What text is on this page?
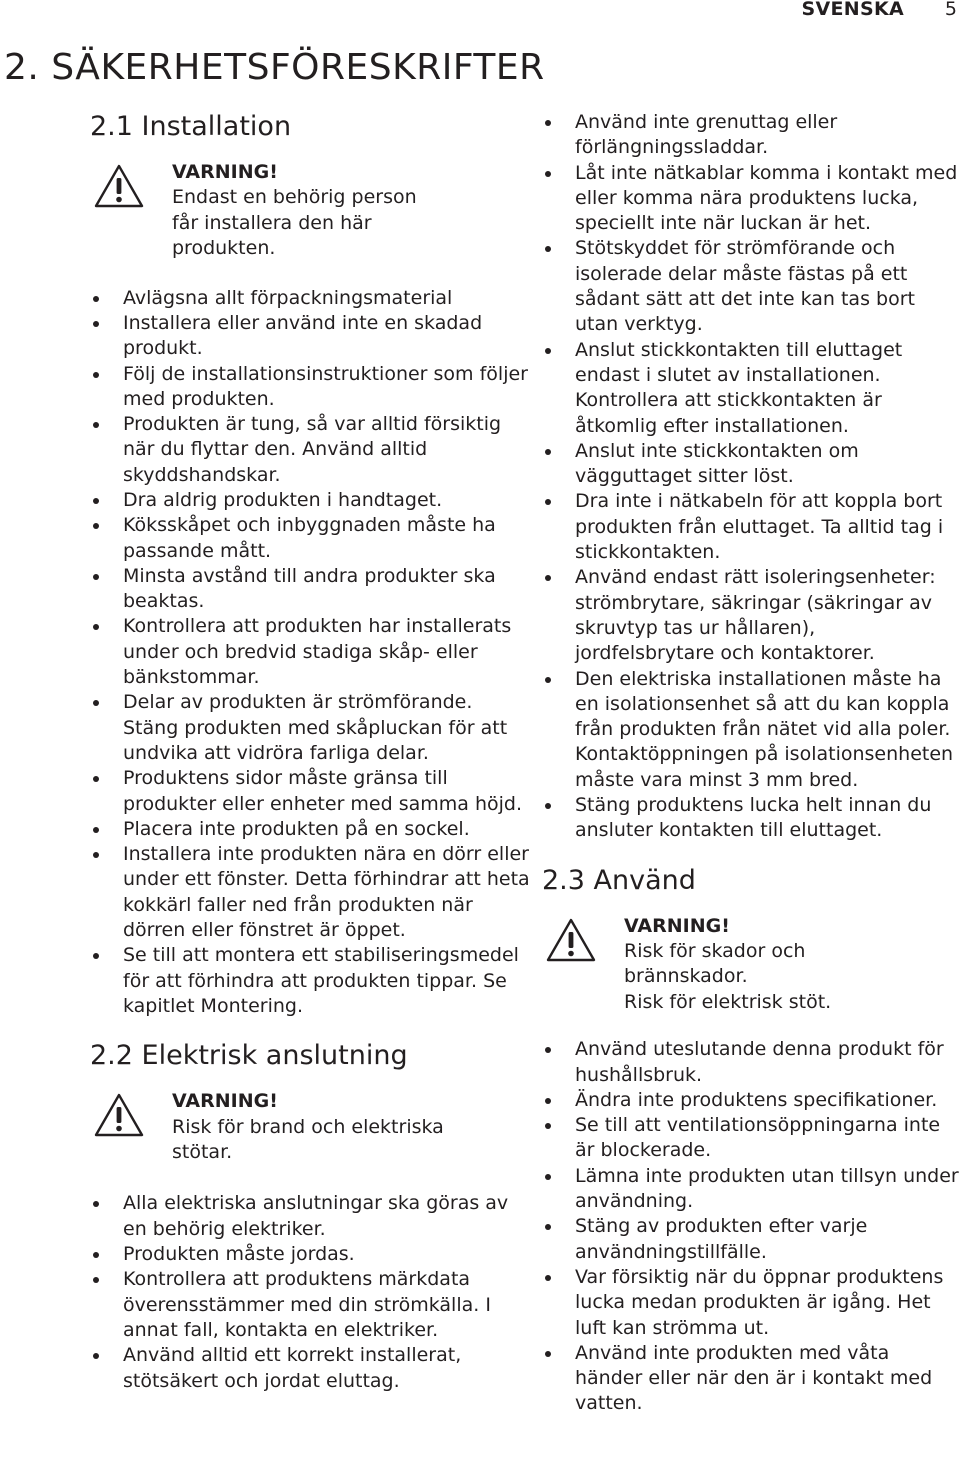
SVENSKA 5
2. SÄKERHETSFÖRESKRIFTER
2.1 Installation
VARNING!
Endast en behörig person
får installera den här
produkten.
Avlägsna allt förpackningsmaterial
Installera eller använd inte en skadad produkt.
Följ de installationsinstruktioner som följer med produkten.
Produkten är tung, så var alltid försiktig när du flyttar den. Använd alltid skyddshandskar.
Dra aldrig produkten i handtaget.
Köksskåpet och inbyggnaden måste ha passande mått.
Minsta avstånd till andra produkter ska beaktas.
Kontrollera att produkten har installerats under och bredvid stadiga skåp- eller bänkstommar.
Delar av produkten är strömförande. Stäng produkten med skåpluckan för att undvika att vidröra farliga delar.
Produktens sidor måste gränsa till produkter eller enheter med samma höjd.
Placera inte produkten på en sockel.
Installera inte produkten nära en dörr eller under ett fönster. Detta förhindrar att heta kokkärl faller ned från produkten när dörren eller fönstret är öppet.
Se till att montera ett stabiliseringsmedel för att förhindra att produkten tippar. Se kapitlet Montering.
2.2 Elektrisk anslutning
VARNING!
Risk för brand och elektriska
stötar.
Alla elektriska anslutningar ska göras av en behörig elektriker.
Produkten måste jordas.
Kontrollera att produktens märkdata överensstämmer med din strömkälla. I annat fall, kontakta en elektriker.
Använd alltid ett korrekt installerat, stötsäkert och jordat eluttag.
Använd inte grenuttag eller förlängningssladdar.
Låt inte nätkablar komma i kontakt med eller komma nära produktens lucka, speciellt inte när luckan är het.
Stötskyddet för strömförande och isolerade delar måste fästas på ett sådant sätt att det inte kan tas bort utan verktyg.
Anslut stickkontakten till eluttaget endast i slutet av installationen. Kontrollera att stickkontakten är åtkomlig efter installationen.
Anslut inte stickkontakten om vägguttaget sitter löst.
Dra inte i nätkabeln för att koppla bort produkten från eluttaget. Ta alltid tag i stickkontakten.
Använd endast rätt isoleringsenheter: strömbrytare, säkringar (säkringar av skruvtyp tas ur hållaren), jordfelsbrytare och kontaktorer.
Den elektriska installationen måste ha en isolationsenhet så att du kan koppla från produkten från nätet vid alla poler. Kontaktöppningen på isolationsenheten måste vara minst 3 mm bred.
Stäng produktens lucka helt innan du ansluter kontakten till eluttaget.
2.3 Använd
VARNING!
Risk för skador och
brännskador.
Risk för elektrisk stöt.
Använd uteslutande denna produkt för hushållsbruk.
Ändra inte produktens specifikationer.
Se till att ventilationsöppningarna inte är blockerade.
Lämna inte produkten utan tillsyn under användning.
Stäng av produkten efter varje användningstillfälle.
Var försiktig när du öppnar produktens lucka medan produkten är igång. Het luft kan strömma ut.
Använd inte produkten med våta händer eller när den är i kontakt med vatten.
